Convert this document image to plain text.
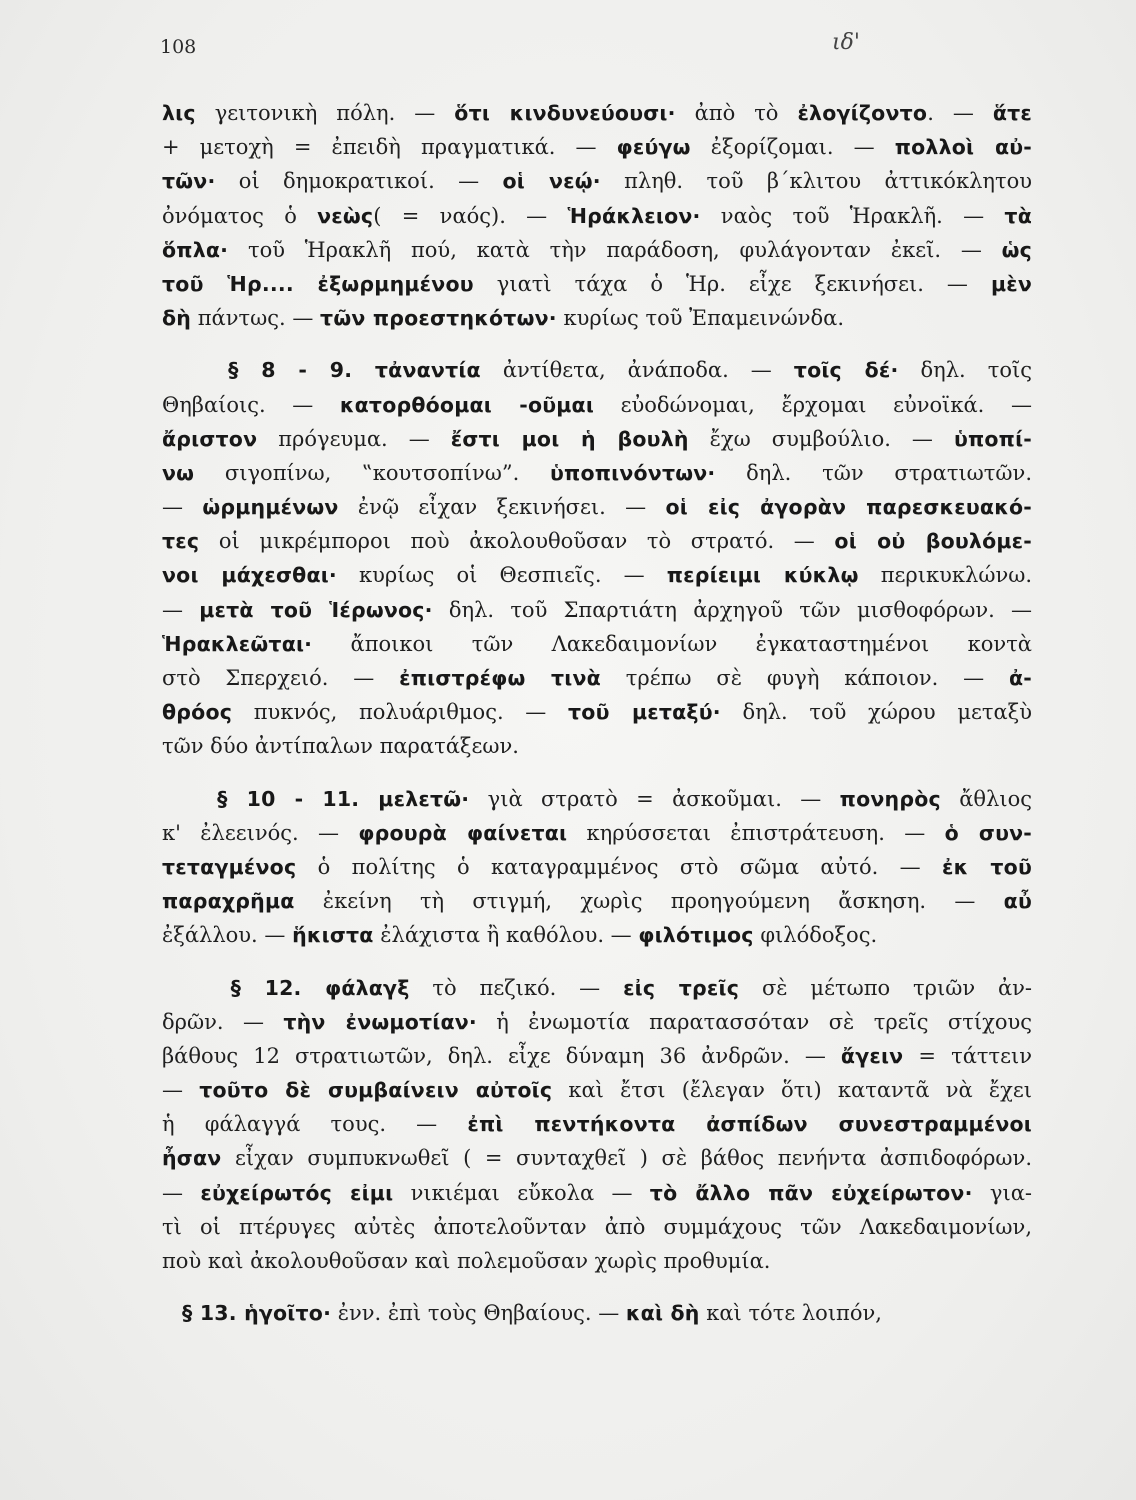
108	ιδ'
λις γειτονικὴ πόλη. — ὅτι κινδυνεύουσι· ἀπὸ τὸ ἐλογίζοντο. — ἅτε
+ μετοχὴ = ἐπειδὴ πραγματικά. — φεύγω ἐξορίζομαι. — πολλοὶ αὐ-
τῶν· οἱ δημοκρατικοί. — οἱ νεῴ· πληθ. τοῦ β΄κλιτου ἀττικόκλητου
ὀνόματος ὁ νεὼς( = ναός). — Ἡράκλειον· ναὸς τοῦ Ἡρακλῆ. — τὰ
ὅπλα· τοῦ Ἡρακλῆ πού, κατὰ τὴν παράδοση, φυλάγονταν ἐκεῖ. — ὡς
τοῦ Ἡρ.... ἐξωρμημένου γιατὶ τάχα ὁ Ἡρ. εἶχε ξεκινήσει. — μὲν
δὴ πάντως. — τῶν προεστηκότων· κυρίως τοῦ Ἐπαμεινώνδα.
§ 8 - 9. τἀναντία ἀντίθετα, ἀνάποδα. — τοῖς δέ· δηλ. τοῖς
Θηβαίοις. — κατορθόομαι -οῦμαι εὐοδώνομαι, ἔρχομαι εὐνοϊκά. —
ἄριστον πρόγευμα. — ἔστι μοι ἡ βουλὴ ἔχω συμβούλιο. — ὑποπί-
νω σιγοπίνω, ‟κουτσοπίνω”. ὑποπινόντων· δηλ. τῶν στρατιωτῶν.
— ὡρμημένων ἐνῷ εἶχαν ξεκινήσει. — οἱ εἰς ἀγορὰν παρεσκευακό-
τες οἱ μικρέμποροι ποὺ ἀκολουθοῦσαν τὸ στρατό. — οἱ οὐ βουλόμε-
νοι μάχεσθαι· κυρίως οἱ Θεσπιεῖς. — περίειμι κύκλῳ περικυκλώνω.
— μετὰ τοῦ Ἱέρωνος· δηλ. τοῦ Σπαρτιάτη ἀρχηγοῦ τῶν μισθοφόρων. —
Ἡρακλεῶται· ἄποικοι τῶν Λακεδαιμονίων ἐγκαταστημένοι κοντὰ
στὸ Σπερχειό. — ἐπιστρέφω τινὰ τρέπω σὲ φυγὴ κάποιον. — ἀ-
θρόος πυκνός, πολυάριθμος. — τοῦ μεταξύ· δηλ. τοῦ χώρου μεταξὺ
τῶν δύο ἀντίπαλων παρατάξεων.
§ 10 - 11. μελετῶ· γιὰ στρατὸ = ἀσκοῦμαι. — πονηρὸς ἄθλιος
κ' ἐλεεινός. — φρουρὰ φαίνεται κηρύσσεται ἐπιστράτευση. — ὁ συν-
τεταγμένος ὁ πολίτης ὁ καταγραμμένος στὸ σῶμα αὐτό. — ἐκ τοῦ
παραχρῆμα ἐκείνη τὴ στιγμή, χωρὶς προηγούμενη ἄσκηση. — αὖ
ἐξάλλου. — ἥκιστα ἐλάχιστα ἢ καθόλου. — φιλότιμος φιλόδοξος.
§ 12. φάλαγξ τὸ πεζικό. — εἰς τρεῖς σὲ μέτωπο τριῶν ἀν-
δρῶν. — τὴν ἐνωμοτίαν· ἡ ἐνωμοτία παρατασσόταν σὲ τρεῖς στίχους
βάθους 12 στρατιωτῶν, δηλ. εἶχε δύναμη 36 ἀνδρῶν. — ἄγειν = τάττειν
— τοῦτο δὲ συμβαίνειν αὐτοῖς καὶ ἔτσι (ἔλεγαν ὅτι) καταντᾶ νὰ ἔχει
ἡ φάλαγγά τους. — ἐπὶ πεντήκοντα ἀσπίδων συνεστραμμένοι
ἦσαν εἶχαν συμπυκνωθεῖ ( = συνταχθεῖ ) σὲ βάθος πενήντα ἀσπιδοφόρων.
— εὐχείρωτός εἰμι νικιέμαι εὔκολα — τὸ ἄλλο πᾶν εὐχείρωτον· για-
τὶ οἱ πτέρυγες αὐτὲς ἀποτελοῦνταν ἀπὸ συμμάχους τῶν Λακεδαιμονίων,
ποὺ καὶ ἀκολουθοῦσαν καὶ πολεμοῦσαν χωρὶς προθυμία.
§ 13. ἡγοῖτο· ἐνν. ἐπὶ τοὺς Θηβαίους. — καὶ δὴ καὶ τότε λοιπόν,
